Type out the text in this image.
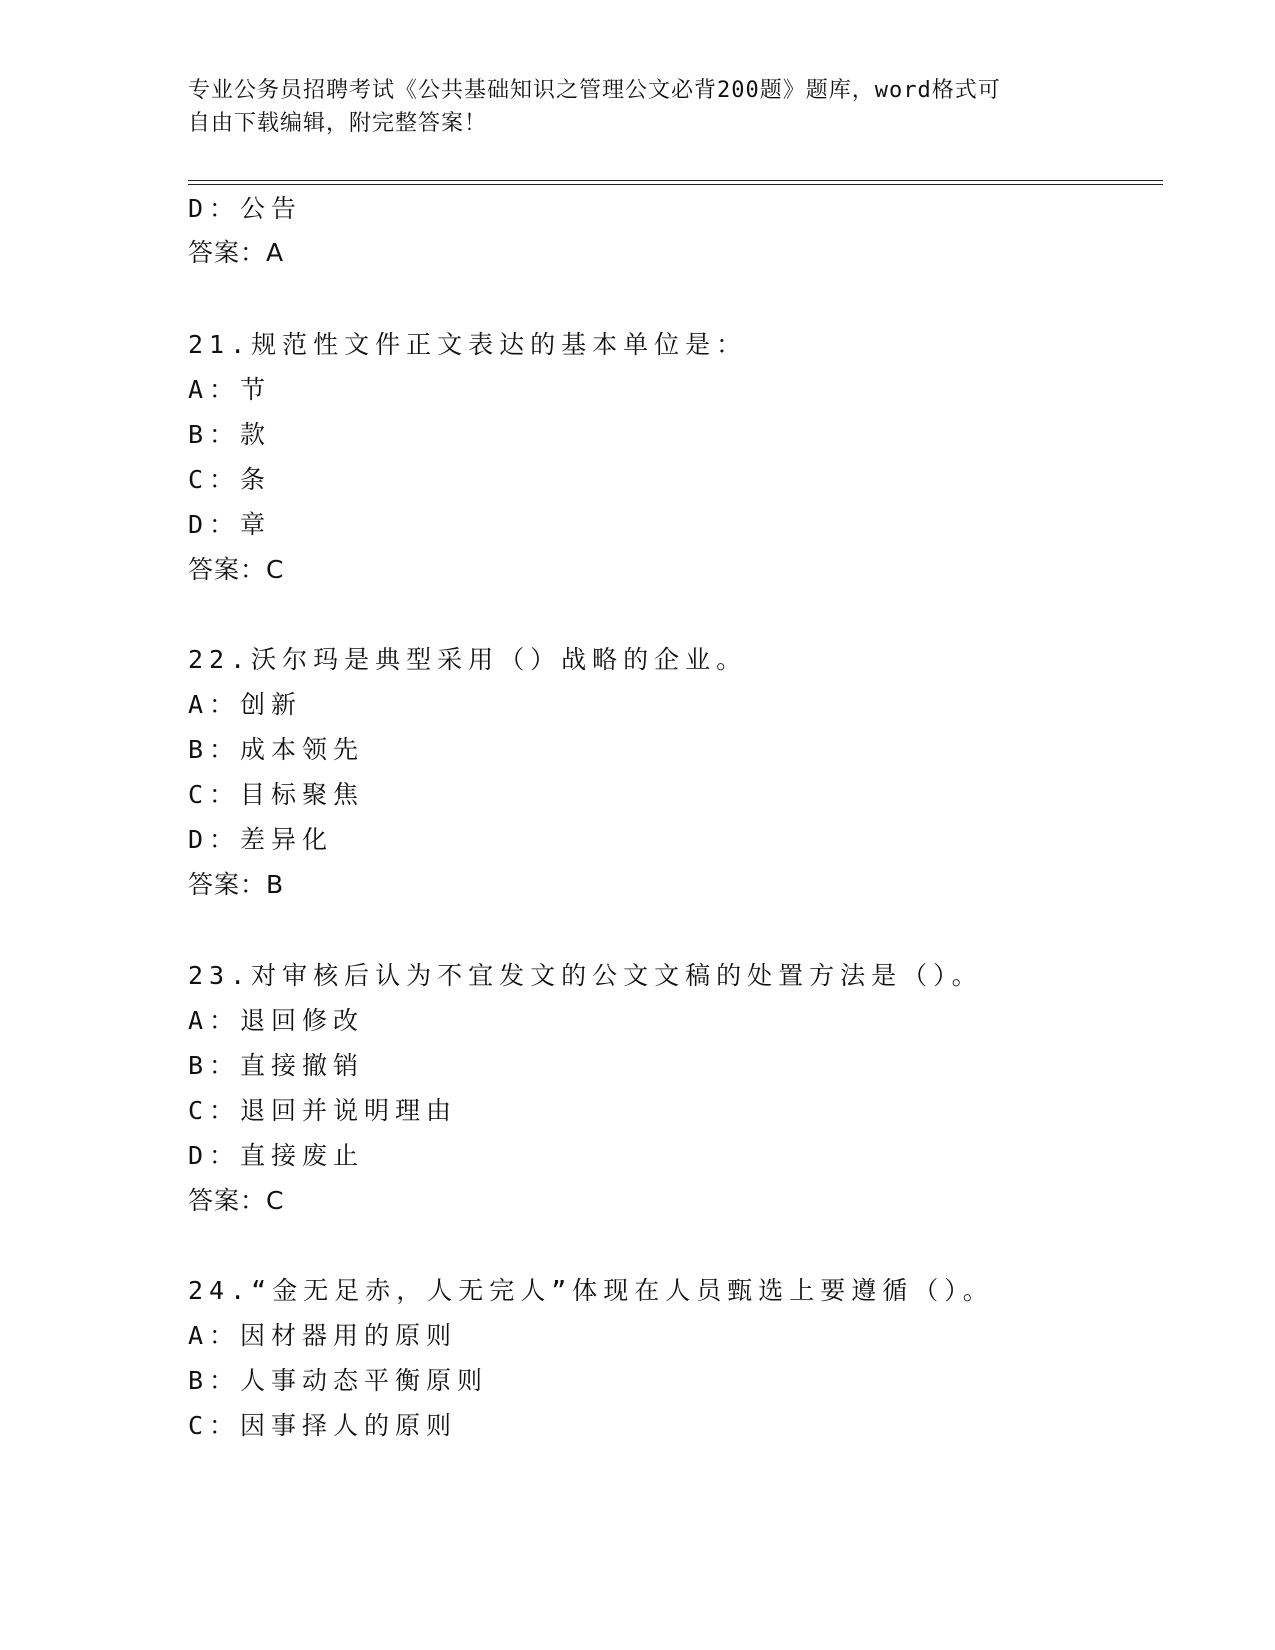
专业公务员招聘考试《公共基础知识之管理公文必背200题》题库，word格式可
自由下载编辑，附完整答案！
D：公告
答案：A
21.规范性文件正文表达的基本单位是：
A：节
B：款
C：条
D：章
答案：C
22.沃尔玛是典型采用（）战略的企业。
A：创新
B：成本领先
C：目标聚焦
D：差异化
答案：B
23.对审核后认为不宜发文的公文文稿的处置方法是（）。
A：退回修改
B：直接撤销
C：退回并说明理由
D：直接废止
答案：C
24.“金无足赤，人无完人”体现在人员甄选上要遵循（）。
A：因材器用的原则
B：人事动态平衡原则
C：因事择人的原则
